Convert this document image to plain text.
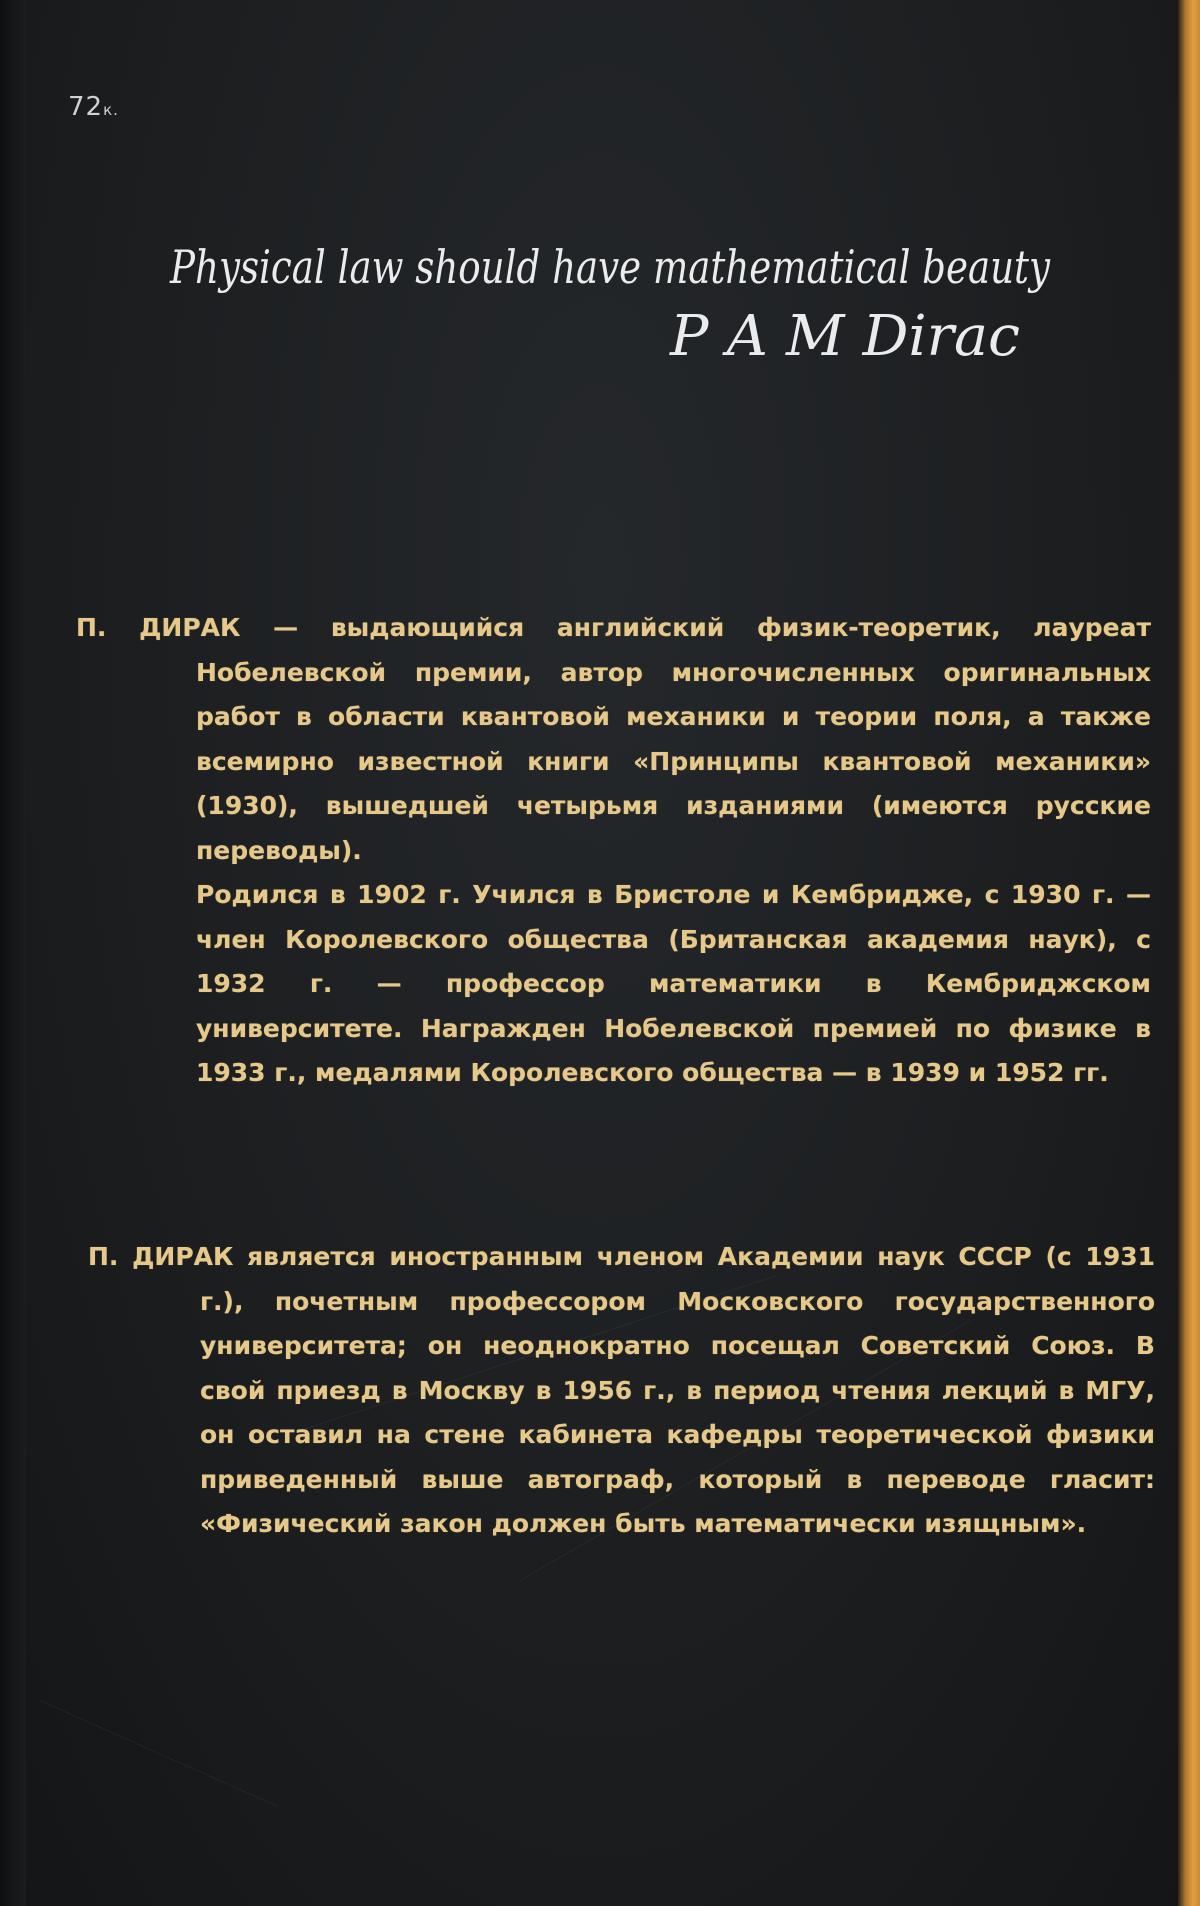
72к.
Physical law should have mathematical beauty
P A M Dirac

П. ДИРАК — выдающийся английский физик-теоретик, лауреат Нобелевской премии, автор многочисленных оригинальных работ в области квантовой механики и теории поля, а также всемирно известной книги «Принципы квантовой механики» (1930), вышедшей четырьмя изданиями (имеются русские переводы).

Родился в 1902 г. Учился в Бристоле и Кембридже, с 1930 г. — член Королевского общества (Британская академия наук), с 1932 г. — профессор математики в Кембриджском университете. Награжден Нобелевской премией по физике в 1933 г., медалями Королевского общества — в 1939 и 1952 гг.

П. ДИРАК является иностранным членом Академии наук СССР (с 1931 г.), почетным профессором Московского государственного университета; он неоднократно посещал Советский Союз. В свой приезд в Москву в 1956 г., в период чтения лекций в МГУ, он оставил на стене кабинета кафедры теоретической физики приведенный выше автограф, который в переводе гласит: «Физический закон должен быть математически изящным».
